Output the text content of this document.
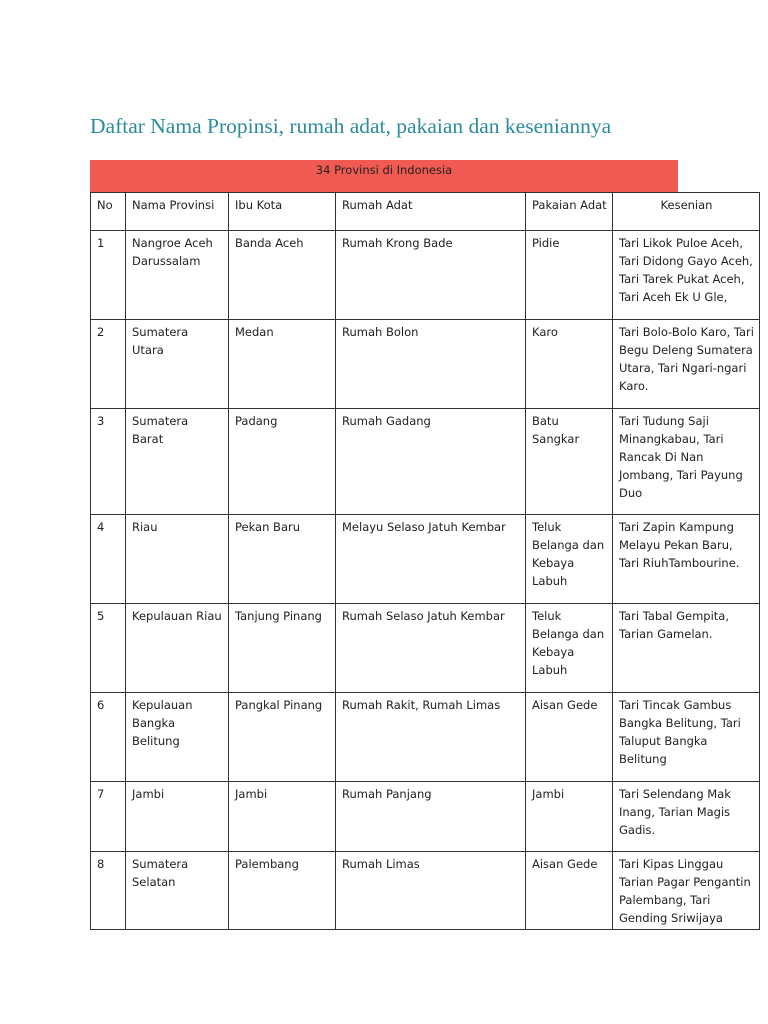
Daftar Nama Propinsi, rumah adat, pakaian dan keseniannya
34 Provinsi di Indonesia
No	Nama Provinsi	Ibu Kota	Rumah Adat	Pakaian Adat	Kesenian
1	Nangroe Aceh Darussalam	Banda Aceh	Rumah Krong Bade	Pidie	Tari Likok Puloe Aceh, Tari Didong Gayo Aceh, Tari Tarek Pukat Aceh, Tari Aceh Ek U Gle,
2	Sumatera Utara	Medan	Rumah Bolon	Karo	Tari Bolo-Bolo Karo, Tari Begu Deleng Sumatera Utara, Tari Ngari-ngari Karo.
3	Sumatera Barat	Padang	Rumah Gadang	Batu Sangkar	Tari Tudung Saji Minangkabau, Tari Rancak Di Nan Jombang, Tari Payung Duo
4	Riau	Pekan Baru	Melayu Selaso Jatuh Kembar	Teluk Belanga dan Kebaya Labuh	Tari Zapin Kampung Melayu Pekan Baru, Tari RiuhTambourine.
5	Kepulauan Riau	Tanjung Pinang	Rumah Selaso Jatuh Kembar	Teluk Belanga dan Kebaya Labuh	Tari Tabal Gempita, Tarian Gamelan.
6	Kepulauan Bangka Belitung	Pangkal Pinang	Rumah Rakit, Rumah Limas	Aisan Gede	Tari Tincak Gambus Bangka Belitung, Tari Taluput Bangka Belitung
7	Jambi	Jambi	Rumah Panjang	Jambi	Tari Selendang Mak Inang, Tarian Magis Gadis.
8	Sumatera Selatan	Palembang	Rumah Limas	Aisan Gede	Tari Kipas Linggau Tarian Pagar Pengantin Palembang, Tari Gending Sriwijaya
